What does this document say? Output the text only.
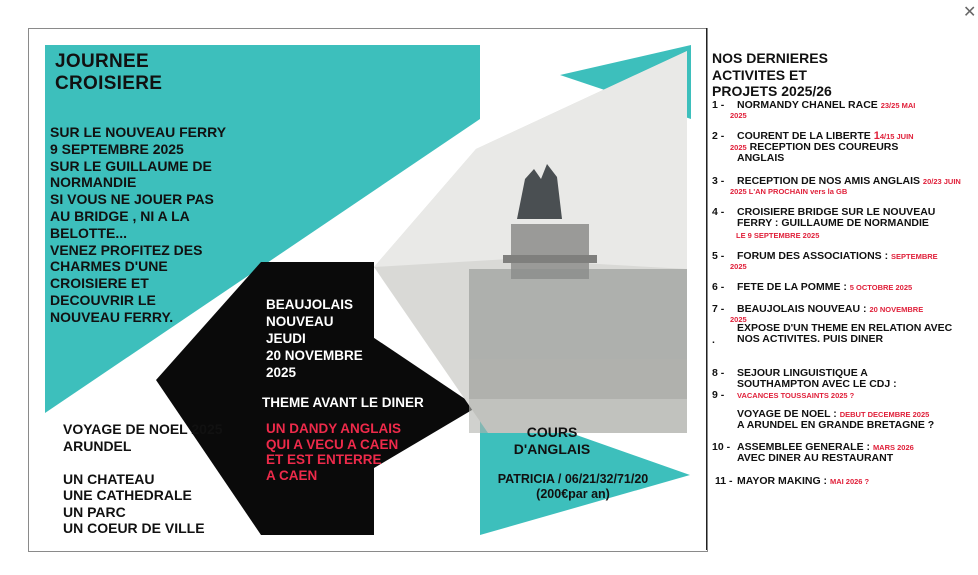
✕
JOURNEE
CROISIERE
SUR LE NOUVEAU FERRY
9 SEPTEMBRE 2025
SUR LE GUILLAUME DE
NORMANDIE
SI VOUS NE JOUER PAS
AU BRIDGE , NI A LA
BELOTTE...
VENEZ PROFITEZ DES
CHARMES D'UNE
CROISIERE ET
DECOUVRIR LE
NOUVEAU FERRY.
VOYAGE DE NOEL 2025
ARUNDEL
UN CHATEAU
UNE CATHEDRALE
UN PARC
UN COEUR DE VILLE
BEAUJOLAIS
NOUVEAU
JEUDI
20 NOVEMBRE
2025
THEME AVANT LE DINER
UN DANDY ANGLAIS
QUI A VECU A CAEN
ET EST ENTERRE
A CAEN
COURS
D'ANGLAIS
PATRICIA / 06/21/32/71/20
(200€par an)
NOS DERNIERES
ACTIVITES ET
PROJETS 2025/26
1 - NORMANDY CHANEL RACE 23/25 MAI
2025
2 - COURENT DE LA LIBERTE 14/15 JUIN
2025 RECEPTION DES COUREURS
ANGLAIS
3 - RECEPTION DE NOS AMIS ANGLAIS 20/23 JUIN
2025 L'AN PROCHAIN vers la GB
4 - CROISIERE BRIDGE SUR LE NOUVEAU
FERRY : GUILLAUME DE NORMANDIE
LE 9 SEPTEMBRE 2025
5 - FORUM DES ASSOCIATIONS : SEPTEMBRE
2025
6 - FETE DE LA POMME : 5 OCTOBRE 2025
7 - BEAUJOLAIS NOUVEAU : 20 NOVEMBRE
2025
EXPOSE D'UN THEME EN RELATION AVEC
. NOS ACTIVITES. PUIS DINER
8 - SEJOUR LINGUISTIQUE A
SOUTHAMPTON AVEC LE CDJ :
9 - VACANCES TOUSSAINTS 2025 ?
VOYAGE DE NOEL : DEBUT DECEMBRE 2025
A ARUNDEL EN GRANDE BRETAGNE ?
10 - ASSEMBLEE GENERALE : MARS 2026
AVEC DINER AU RESTAURANT
11 - MAYOR MAKING : MAI 2026 ?
